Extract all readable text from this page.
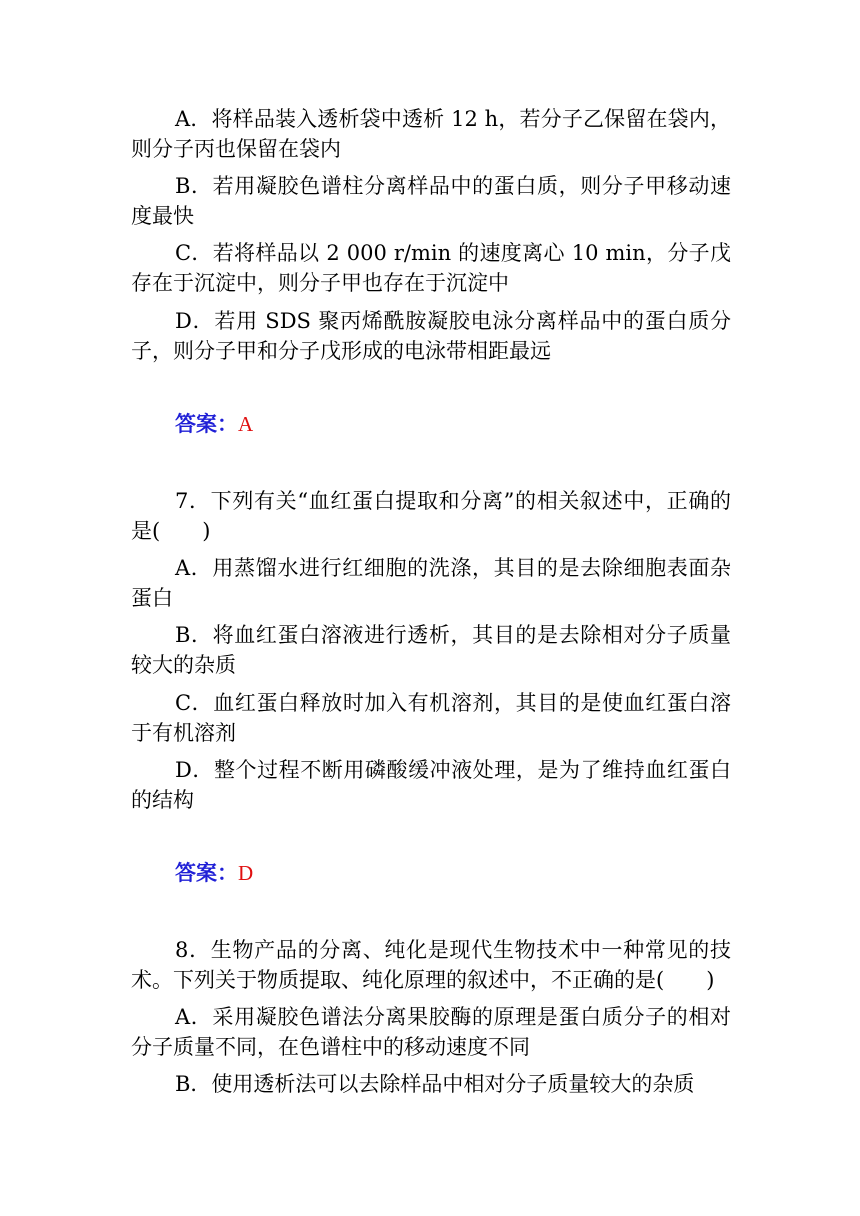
A．将样品装入透析袋中透析 12 h，若分子乙保留在袋内，则分子丙也保留在袋内

B．若用凝胶色谱柱分离样品中的蛋白质，则分子甲移动速度最快

C．若将样品以 2 000 r/min 的速度离心 10 min，分子戊存在于沉淀中，则分子甲也存在于沉淀中

D．若用 SDS 聚丙烯酰胺凝胶电泳分离样品中的蛋白质分子，则分子甲和分子戊形成的电泳带相距最远

答案：A

7．下列有关“血红蛋白提取和分离”的相关叙述中，正确的是(　　)

A．用蒸馏水进行红细胞的洗涤，其目的是去除细胞表面杂蛋白

B．将血红蛋白溶液进行透析，其目的是去除相对分子质量较大的杂质

C．血红蛋白释放时加入有机溶剂，其目的是使血红蛋白溶于有机溶剂

D．整个过程不断用磷酸缓冲液处理，是为了维持血红蛋白的结构

答案：D

8．生物产品的分离、纯化是现代生物技术中一种常见的技术。下列关于物质提取、纯化原理的叙述中，不正确的是(　　)

A．采用凝胶色谱法分离果胶酶的原理是蛋白质分子的相对分子质量不同，在色谱柱中的移动速度不同

B．使用透析法可以去除样品中相对分子质量较大的杂质
